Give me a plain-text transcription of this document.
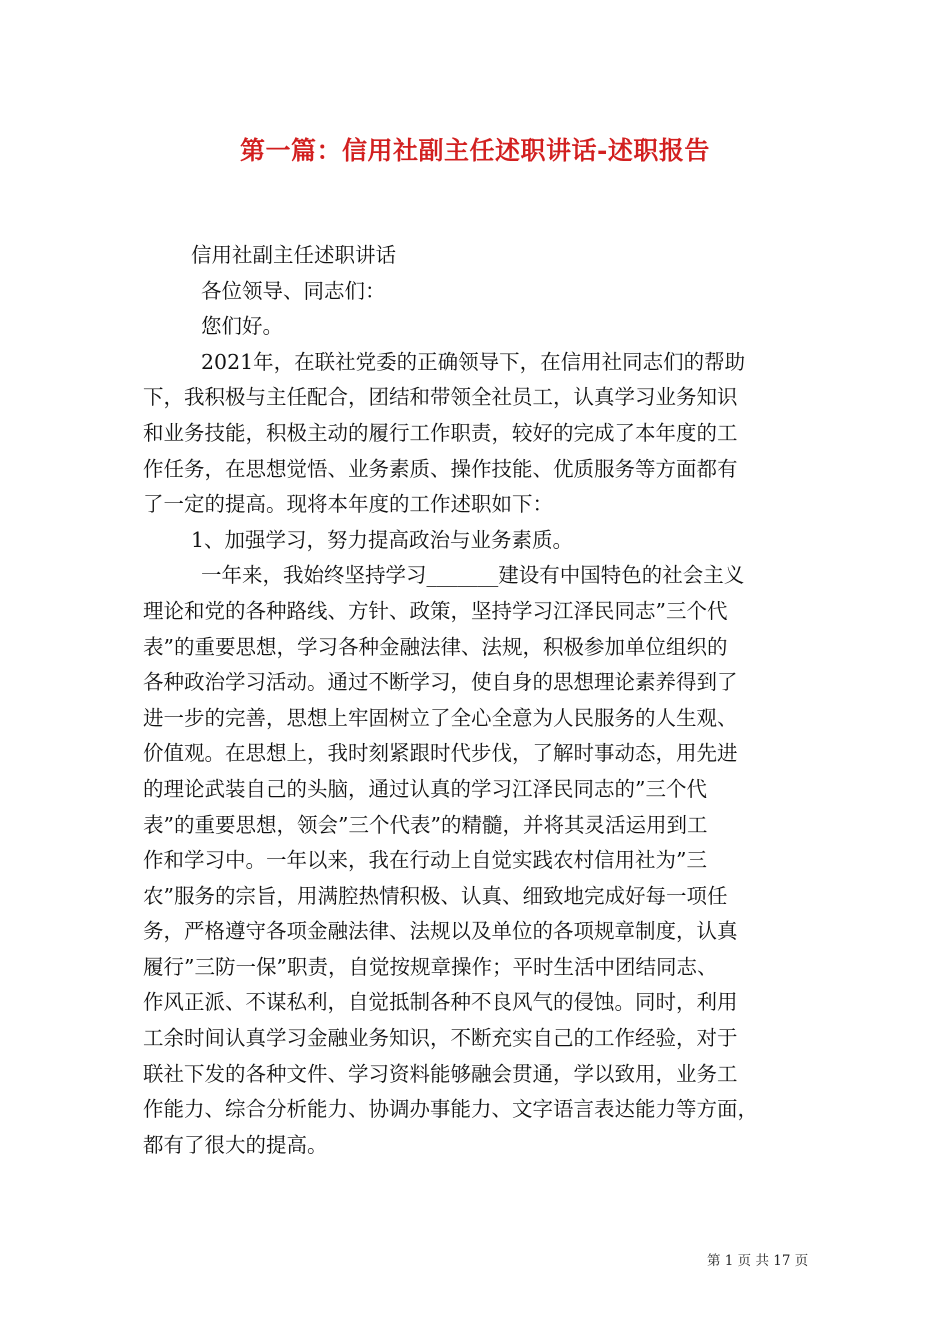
第一篇：信用社副主任述职讲话-述职报告
信用社副主任述职讲话
各位领导、同志们：
您们好。
2021年，在联社党委的正确领导下，在信用社同志们的帮助
下，我积极与主任配合，团结和带领全社员工，认真学习业务知识
和业务技能，积极主动的履行工作职责，较好的完成了本年度的工
作任务，在思想觉悟、业务素质、操作技能、优质服务等方面都有
了一定的提高。现将本年度的工作述职如下：
1、加强学习，努力提高政治与业务素质。
一年来，我始终坚持学习_______建设有中国特色的社会主义
理论和党的各种路线、方针、政策，坚持学习江泽民同志”三个代
表”的重要思想，学习各种金融法律、法规，积极参加单位组织的
各种政治学习活动。通过不断学习，使自身的思想理论素养得到了
进一步的完善，思想上牢固树立了全心全意为人民服务的人生观、
价值观。在思想上，我时刻紧跟时代步伐，了解时事动态，用先进
的理论武装自己的头脑，通过认真的学习江泽民同志的”三个代
表”的重要思想，领会”三个代表”的精髓，并将其灵活运用到工
作和学习中。一年以来，我在行动上自觉实践农村信用社为”三
农”服务的宗旨，用满腔热情积极、认真、细致地完成好每一项任
务，严格遵守各项金融法律、法规以及单位的各项规章制度，认真
履行”三防一保”职责，自觉按规章操作；平时生活中团结同志、
作风正派、不谋私利，自觉抵制各种不良风气的侵蚀。同时，利用
工余时间认真学习金融业务知识，不断充实自己的工作经验，对于
联社下发的各种文件、学习资料能够融会贯通，学以致用，业务工
作能力、综合分析能力、协调办事能力、文字语言表达能力等方面，
都有了很大的提高。
第 1 页 共 17 页
